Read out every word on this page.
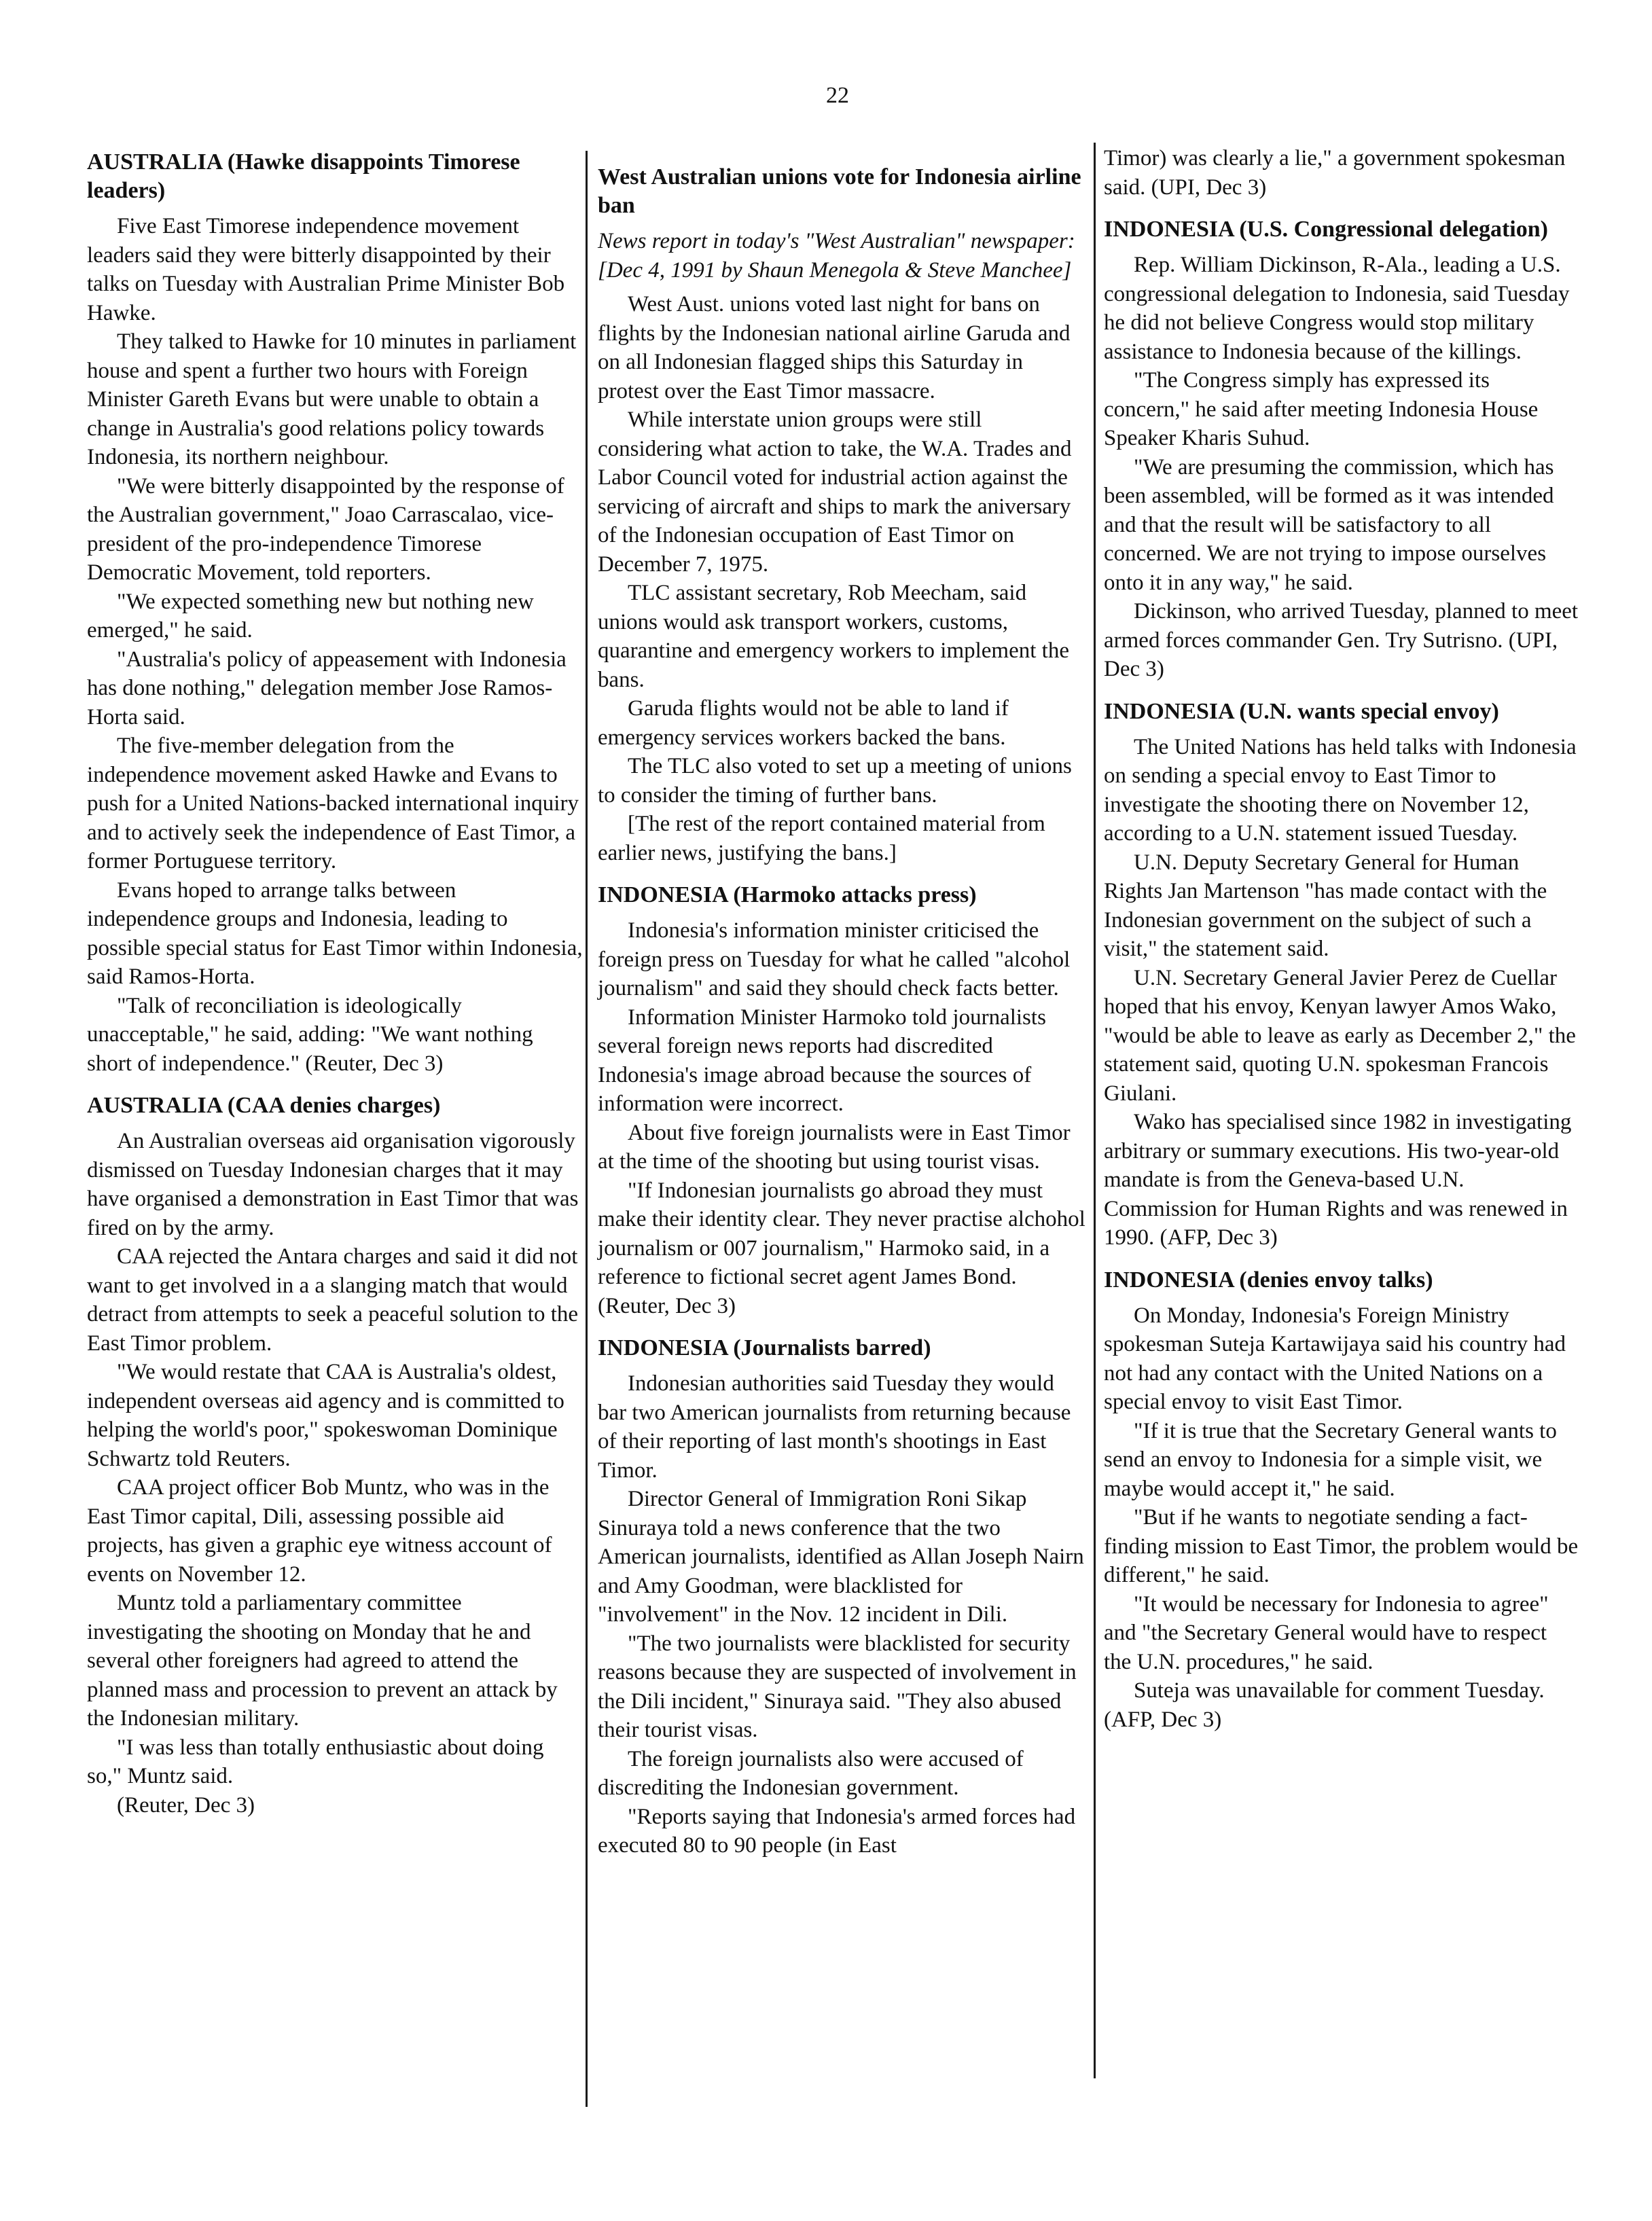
22
AUSTRALIA (Hawke disappoints Timorese leaders)

Five East Timorese independence movement leaders said they were bitterly disappointed by their talks on Tuesday with Australian Prime Minister Bob Hawke.

They talked to Hawke for 10 minutes in parliament house and spent a further two hours with Foreign Minister Gareth Evans but were unable to obtain a change in Australia's good relations policy towards Indonesia, its northern neighbour.

"We were bitterly disappointed by the response of the Australian government," Joao Carrascalao, vice-president of the pro-independence Timorese Democratic Movement, told reporters.

"We expected something new but nothing new emerged," he said.

"Australia's policy of appeasement with Indonesia has done nothing," delegation member Jose Ramos-Horta said.

The five-member delegation from the independence movement asked Hawke and Evans to push for a United Nations-backed international inquiry and to actively seek the independence of East Timor, a former Portuguese territory.

Evans hoped to arrange talks between independence groups and Indonesia, leading to possible special status for East Timor within Indonesia, said Ramos-Horta.

"Talk of reconciliation is ideologically unacceptable," he said, adding: "We want nothing short of independence." (Reuter, Dec 3)

AUSTRALIA (CAA denies charges)

An Australian overseas aid organisation vigorously dismissed on Tuesday Indonesian charges that it may have organised a demonstration in East Timor that was fired on by the army.

CAA rejected the Antara charges and said it did not want to get involved in a a slanging match that would detract from attempts to seek a peaceful solution to the East Timor problem.

"We would restate that CAA is Australia's oldest, independent overseas aid agency and is committed to helping the world's poor," spokeswoman Dominique Schwartz told Reuters.

CAA project officer Bob Muntz, who was in the East Timor capital, Dili, assessing possible aid projects, has given a graphic eye witness account of events on November 12.

Muntz told a parliamentary committee investigating the shooting on Monday that he and several other foreigners had agreed to attend the planned mass and procession to prevent an attack by the Indonesian military.

"I was less than totally enthusiastic about doing so," Muntz said.

(Reuter, Dec 3)

West Australian unions vote for Indonesia airline ban
News report in today's "West Australian" newspaper: [Dec 4, 1991 by Shaun Menegola & Steve Manchee]

West Aust. unions voted last night for bans on flights by the Indonesian national airline Garuda and on all Indonesian flagged ships this Saturday in protest over the East Timor massacre.

While interstate union groups were still considering what action to take, the W.A. Trades and Labor Council voted for industrial action against the servicing of aircraft and ships to mark the aniversary of the Indonesian occupation of East Timor on December 7, 1975.

TLC assistant secretary, Rob Meecham, said unions would ask transport workers, customs, quarantine and emergency workers to implement the bans.

Garuda flights would not be able to land if emergency services workers backed the bans.

The TLC also voted to set up a meeting of unions to consider the timing of further bans.

[The rest of the report contained material from earlier news, justifying the bans.]

INDONESIA (Harmoko attacks press)

Indonesia's information minister criticised the foreign press on Tuesday for what he called "alcohol journalism" and said they should check facts better.

Information Minister Harmoko told journalists several foreign news reports had discredited Indonesia's image abroad because the sources of information were incorrect.

About five foreign journalists were in East Timor at the time of the shooting but using tourist visas.

"If Indonesian journalists go abroad they must make their identity clear. They never practise alchohol journalism or 007 journalism," Harmoko said, in a reference to fictional secret agent James Bond. (Reuter, Dec 3)

INDONESIA (Journalists barred)

Indonesian authorities said Tuesday they would bar two American journalists from returning because of their reporting of last month's shootings in East Timor.

Director General of Immigration Roni Sikap Sinuraya told a news conference that the two American journalists, identified as Allan Joseph Nairn and Amy Goodman, were blacklisted for "involvement" in the Nov. 12 incident in Dili.

"The two journalists were blacklisted for security reasons because they are suspected of involvement in the Dili incident," Sinuraya said. "They also abused their tourist visas.

The foreign journalists also were accused of discrediting the Indonesian government.

"Reports saying that Indonesia's armed forces had executed 80 to 90 people (in East

Timor) was clearly a lie," a government spokesman said. (UPI, Dec 3)

INDONESIA (U.S. Congressional delegation)

Rep. William Dickinson, R-Ala., leading a U.S. congressional delegation to Indonesia, said Tuesday he did not believe Congress would stop military assistance to Indonesia because of the killings.

"The Congress simply has expressed its concern," he said after meeting Indonesia House Speaker Kharis Suhud.

"We are presuming the commission, which has been assembled, will be formed as it was intended and that the result will be satisfactory to all concerned. We are not trying to impose ourselves onto it in any way," he said.

Dickinson, who arrived Tuesday, planned to meet armed forces commander Gen. Try Sutrisno. (UPI, Dec 3)

INDONESIA (U.N. wants special envoy)

The United Nations has held talks with Indonesia on sending a special envoy to East Timor to investigate the shooting there on November 12, according to a U.N. statement issued Tuesday.

U.N. Deputy Secretary General for Human Rights Jan Martenson "has made contact with the Indonesian government on the subject of such a visit," the statement said.

U.N. Secretary General Javier Perez de Cuellar hoped that his envoy, Kenyan lawyer Amos Wako, "would be able to leave as early as December 2," the statement said, quoting U.N. spokesman Francois Giulani.

Wako has specialised since 1982 in investigating arbitrary or summary executions. His two-year-old mandate is from the Geneva-based U.N. Commission for Human Rights and was renewed in 1990. (AFP, Dec 3)

INDONESIA (denies envoy talks)

On Monday, Indonesia's Foreign Ministry spokesman Suteja Kartawijaya said his country had not had any contact with the United Nations on a special envoy to visit East Timor.

"If it is true that the Secretary General wants to send an envoy to Indonesia for a simple visit, we maybe would accept it," he said.

"But if he wants to negotiate sending a fact-finding mission to East Timor, the problem would be different," he said.

"It would be necessary for Indonesia to agree" and "the Secretary General would have to respect the U.N. procedures," he said.

Suteja was unavailable for comment Tuesday. (AFP, Dec 3)
